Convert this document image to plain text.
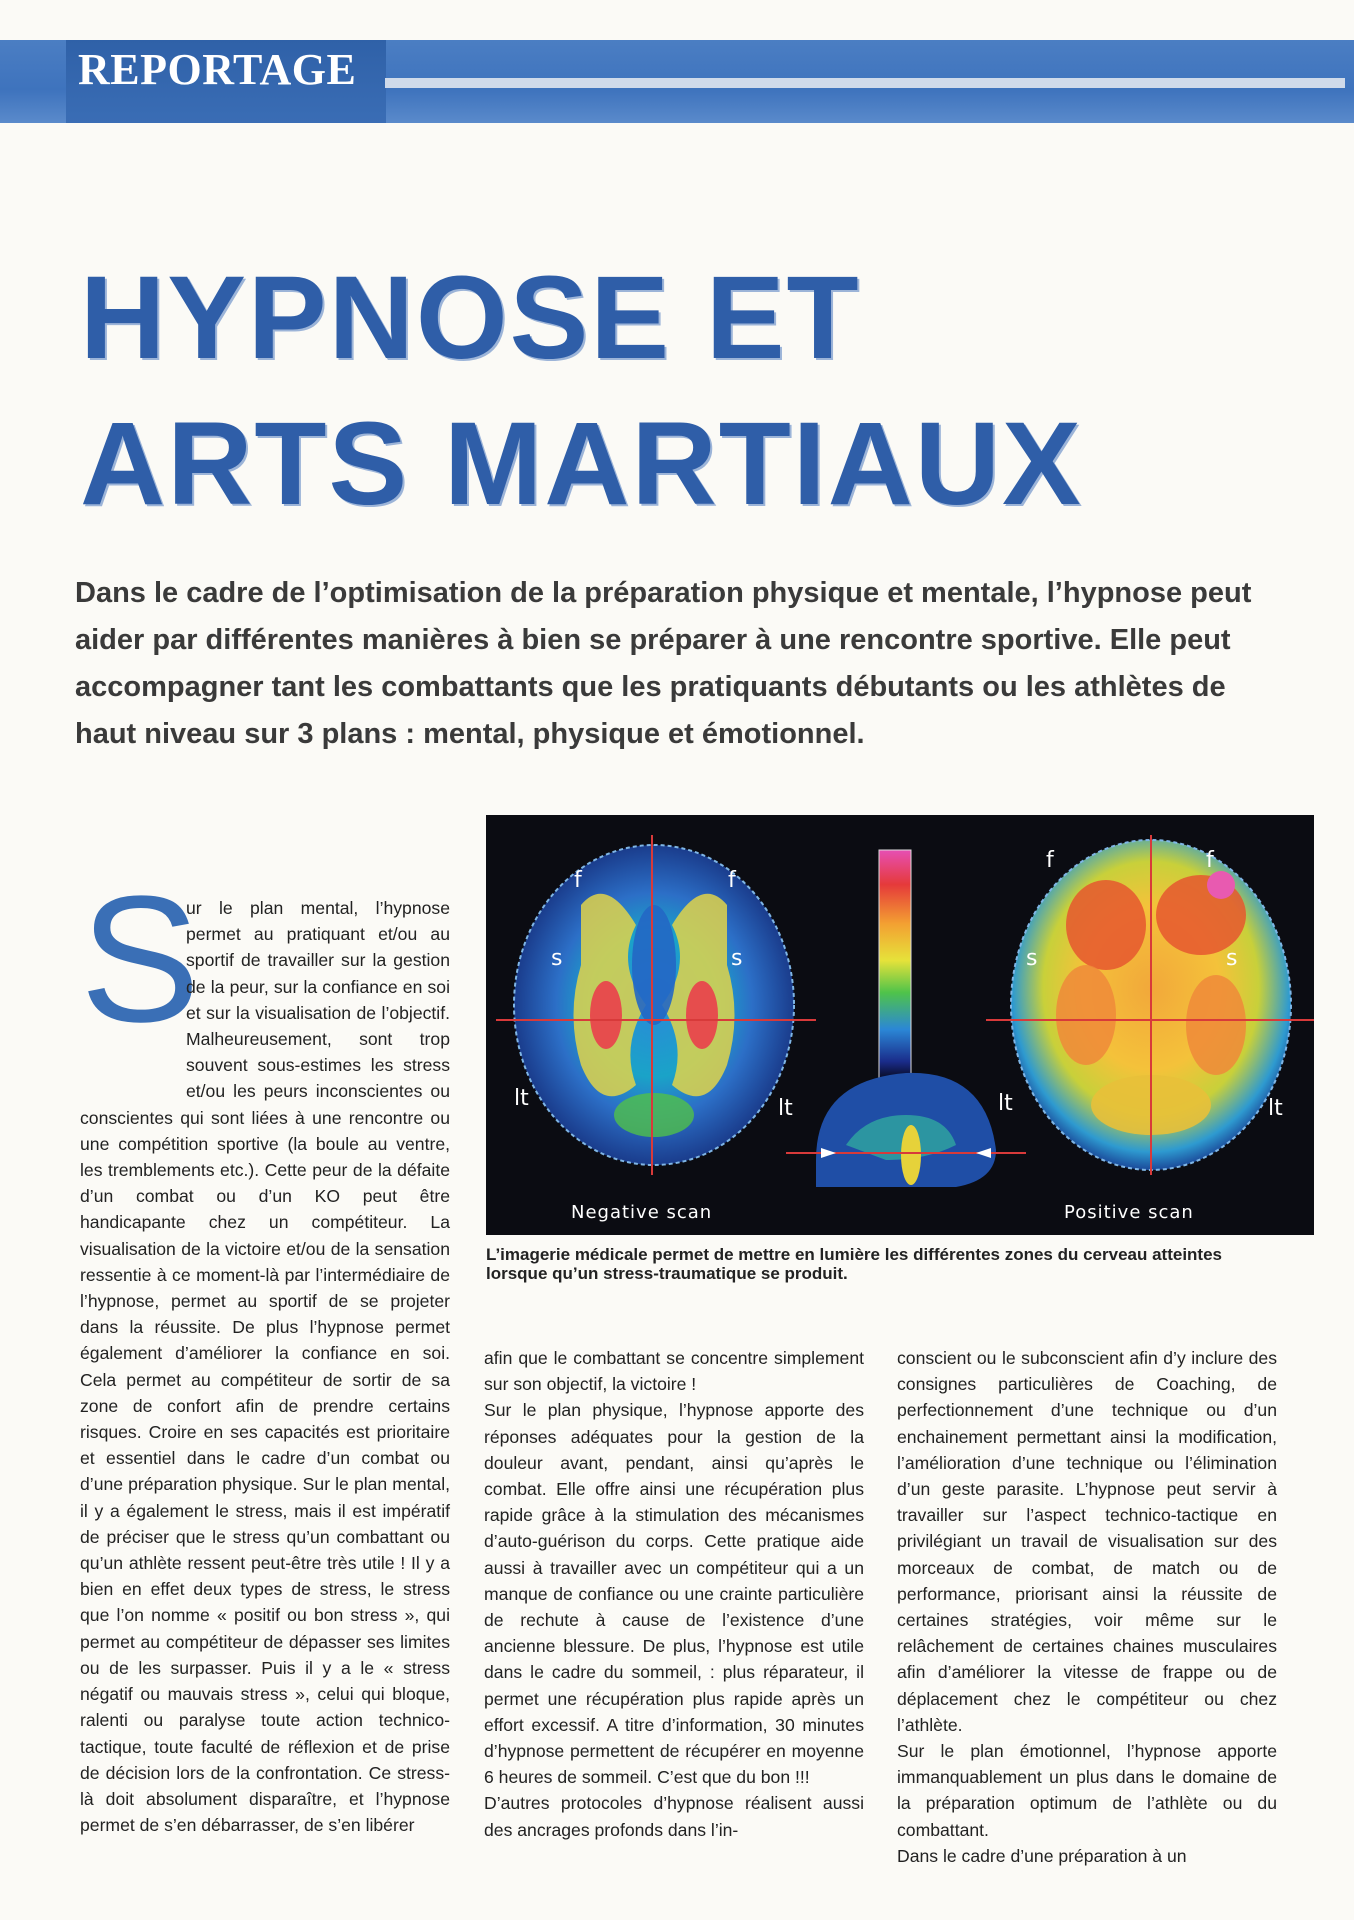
REPORTAGE
HYPNOSE ET
ARTS MARTIAUX
Dans le cadre de l’optimisation de la préparation physique et mentale, l’hypnose peut aider par différentes manières à bien se préparer à une rencontre sportive. Elle peut accompagner tant les combattants que les pratiquants débutants ou les athlètes de haut niveau sur 3 plans : mental, physique et émotionnel.
f	f
s	s
lt	lt
f	f
s	s
lt	lt
Negative scan	Positive scan
L’imagerie médicale permet de mettre en lumière les différentes zones du cerveau atteintes lorsque qu’un stress-traumatique se produit.
S
ur le plan mental, l’hypnose permet au pratiquant et/ou au sportif de travailler sur la gestion de la peur, sur la confiance en soi et sur la visualisation de l’objectif. Malheureusement, sont trop souvent sous-estimes les stress et/ou les peurs inconscientes ou conscientes qui sont liées à une rencontre ou une compétition sportive (la boule au ventre, les tremblements etc.). Cette peur de la défaite d’un combat ou d’un KO peut être handicapante chez un compétiteur. La visualisation de la victoire et/ou de la sensation ressentie à ce moment-là par l’intermédiaire de l’hypnose, permet au sportif de se projeter dans la réussite. De plus l’hypnose permet également d’améliorer la confiance en soi. Cela permet au compétiteur de sortir de sa zone de confort afin de prendre certains risques. Croire en ses capacités est prioritaire et essentiel dans le cadre d’un combat ou d’une préparation physique. Sur le plan mental, il y a également le stress, mais il est impératif de préciser que le stress qu’un combattant ou qu’un athlète ressent peut-être très utile ! Il y a bien en effet deux types de stress, le stress que l’on nomme « positif ou bon stress », qui permet au compétiteur de dépasser ses limites ou de les surpasser. Puis il y a le « stress négatif ou mauvais stress », celui qui bloque, ralenti ou paralyse toute action technico-tactique, toute faculté de réflexion et de prise de décision lors de la confrontation. Ce stress-là doit absolument disparaître, et l’hypnose permet de s’en débarrasser, de s’en libérer

afin que le combattant se concentre simplement sur son objectif, la victoire !

Sur le plan physique, l’hypnose apporte des réponses adéquates pour la gestion de la douleur avant, pendant, ainsi qu’après le combat. Elle offre ainsi une récupération plus rapide grâce à la stimulation des mécanismes d’auto-guérison du corps. Cette pratique aide aussi à travailler avec un compétiteur qui a un manque de confiance ou une crainte particulière de rechute à cause de l’existence d’une ancienne blessure. De plus, l’hypnose est utile dans le cadre du sommeil, : plus réparateur, il permet une récupération plus rapide après un effort excessif. A titre d’information, 30 minutes d’hypnose permettent de récupérer en moyenne 6 heures de sommeil. C’est que du bon !!!

D’autres protocoles d’hypnose réalisent aussi des ancrages profonds dans l’in-

conscient ou le subconscient afin d’y inclure des consignes particulières de Coaching, de perfectionnement d’une technique ou d’un enchainement permettant ainsi la modification, l’amélioration d’une technique ou l’élimination d’un geste parasite. L’hypnose peut servir à travailler sur l’aspect technico-tactique en privilégiant un travail de visualisation sur des morceaux de combat, de match ou de performance, priorisant ainsi la réussite de certaines stratégies, voir même sur le relâchement de certaines chaines musculaires afin d’améliorer la vitesse de frappe ou de déplacement chez le compétiteur ou chez l’athlète.

Sur le plan émotionnel, l’hypnose apporte immanquablement un plus dans le domaine de la préparation optimum de l’athlète ou du combattant.

Dans le cadre d’une préparation à un
